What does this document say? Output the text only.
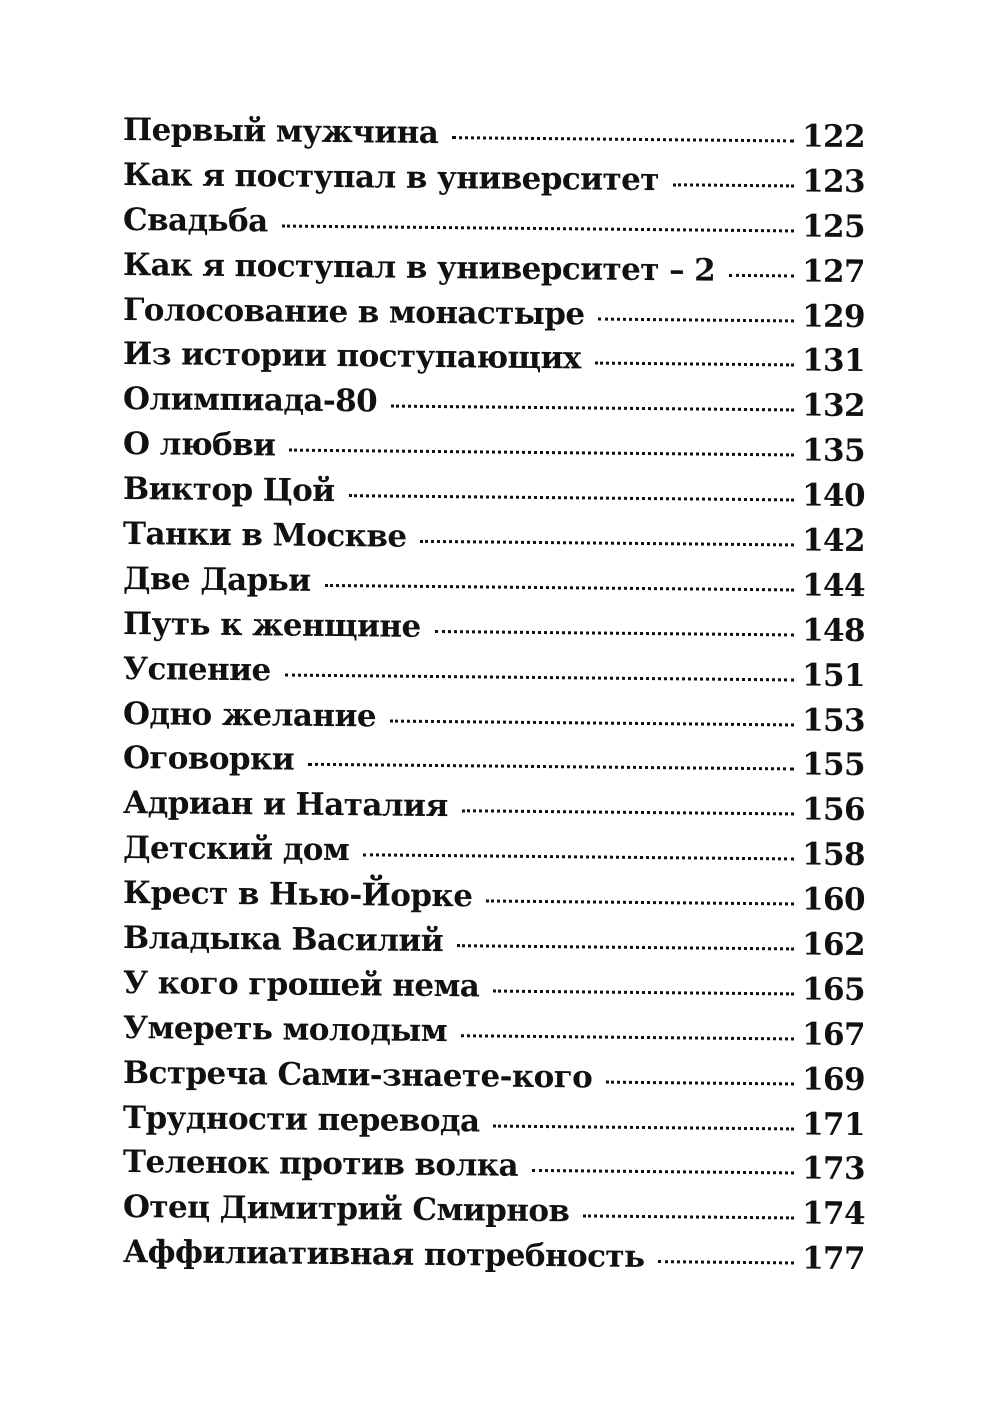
Первый мужчина	122
Как я поступал в университет	123
Свадьба	125
Как я поступал в университет – 2	127
Голосование в монастыре	129
Из истории поступающих	131
Олимпиада-80	132
О любви	135
Виктор Цой	140
Танки в Москве	142
Две Дарьи	144
Путь к женщине	148
Успение	151
Одно желание	153
Оговорки	155
Адриан и Наталия	156
Детский дом	158
Крест в Нью-Йорке	160
Владыка Василий	162
У кого грошей нема	165
Умереть молодым	167
Встреча Сами-знаете-кого	169
Трудности перевода	171
Теленок против волка	173
Отец Димитрий Смирнов	174
Аффилиативная потребность	177
